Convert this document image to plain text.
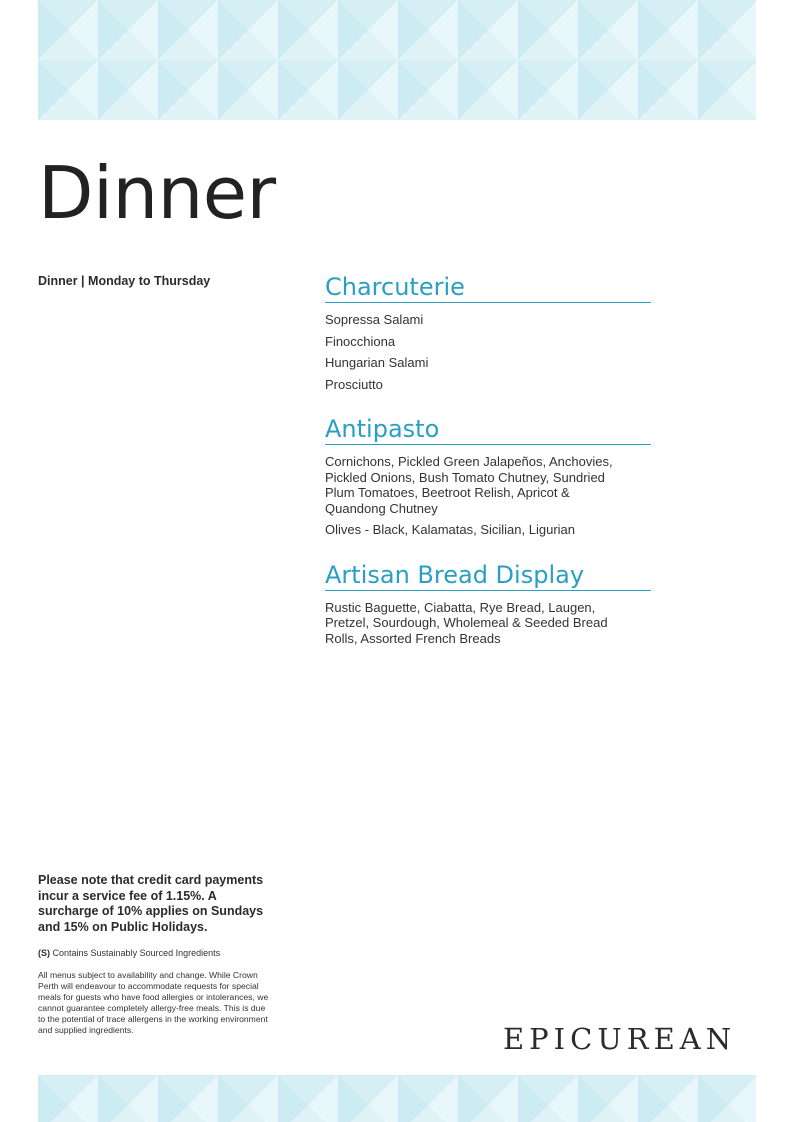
Dinner
Dinner | Monday to Thursday	Charcuterie
Sopressa Salami
Finocchiona
Hungarian Salami
Prosciutto
Antipasto
Cornichons, Pickled Green Jalapeños, Anchovies, Pickled Onions, Bush Tomato Chutney, Sundried Plum Tomatoes, Beetroot Relish, Apricot & Quandong Chutney
Olives - Black, Kalamatas, Sicilian, Ligurian
Artisan Bread Display
Rustic Baguette, Ciabatta, Rye Bread, Laugen, Pretzel, Sourdough, Wholemeal & Seeded Bread Rolls, Assorted French Breads
Please note that credit card payments incur a service fee of 1.15%. A surcharge of 10% applies on Sundays and 15% on Public Holidays.
(S) Contains Sustainably Sourced Ingredients
All menus subject to availability and change. While Crown Perth will endeavour to accommodate requests for special meals for guests who have food allergies or intolerances, we cannot guarantee completely allergy-free meals. This is due to the potential of trace allergens in the working environment and supplied ingredients.	EPICUREAN
